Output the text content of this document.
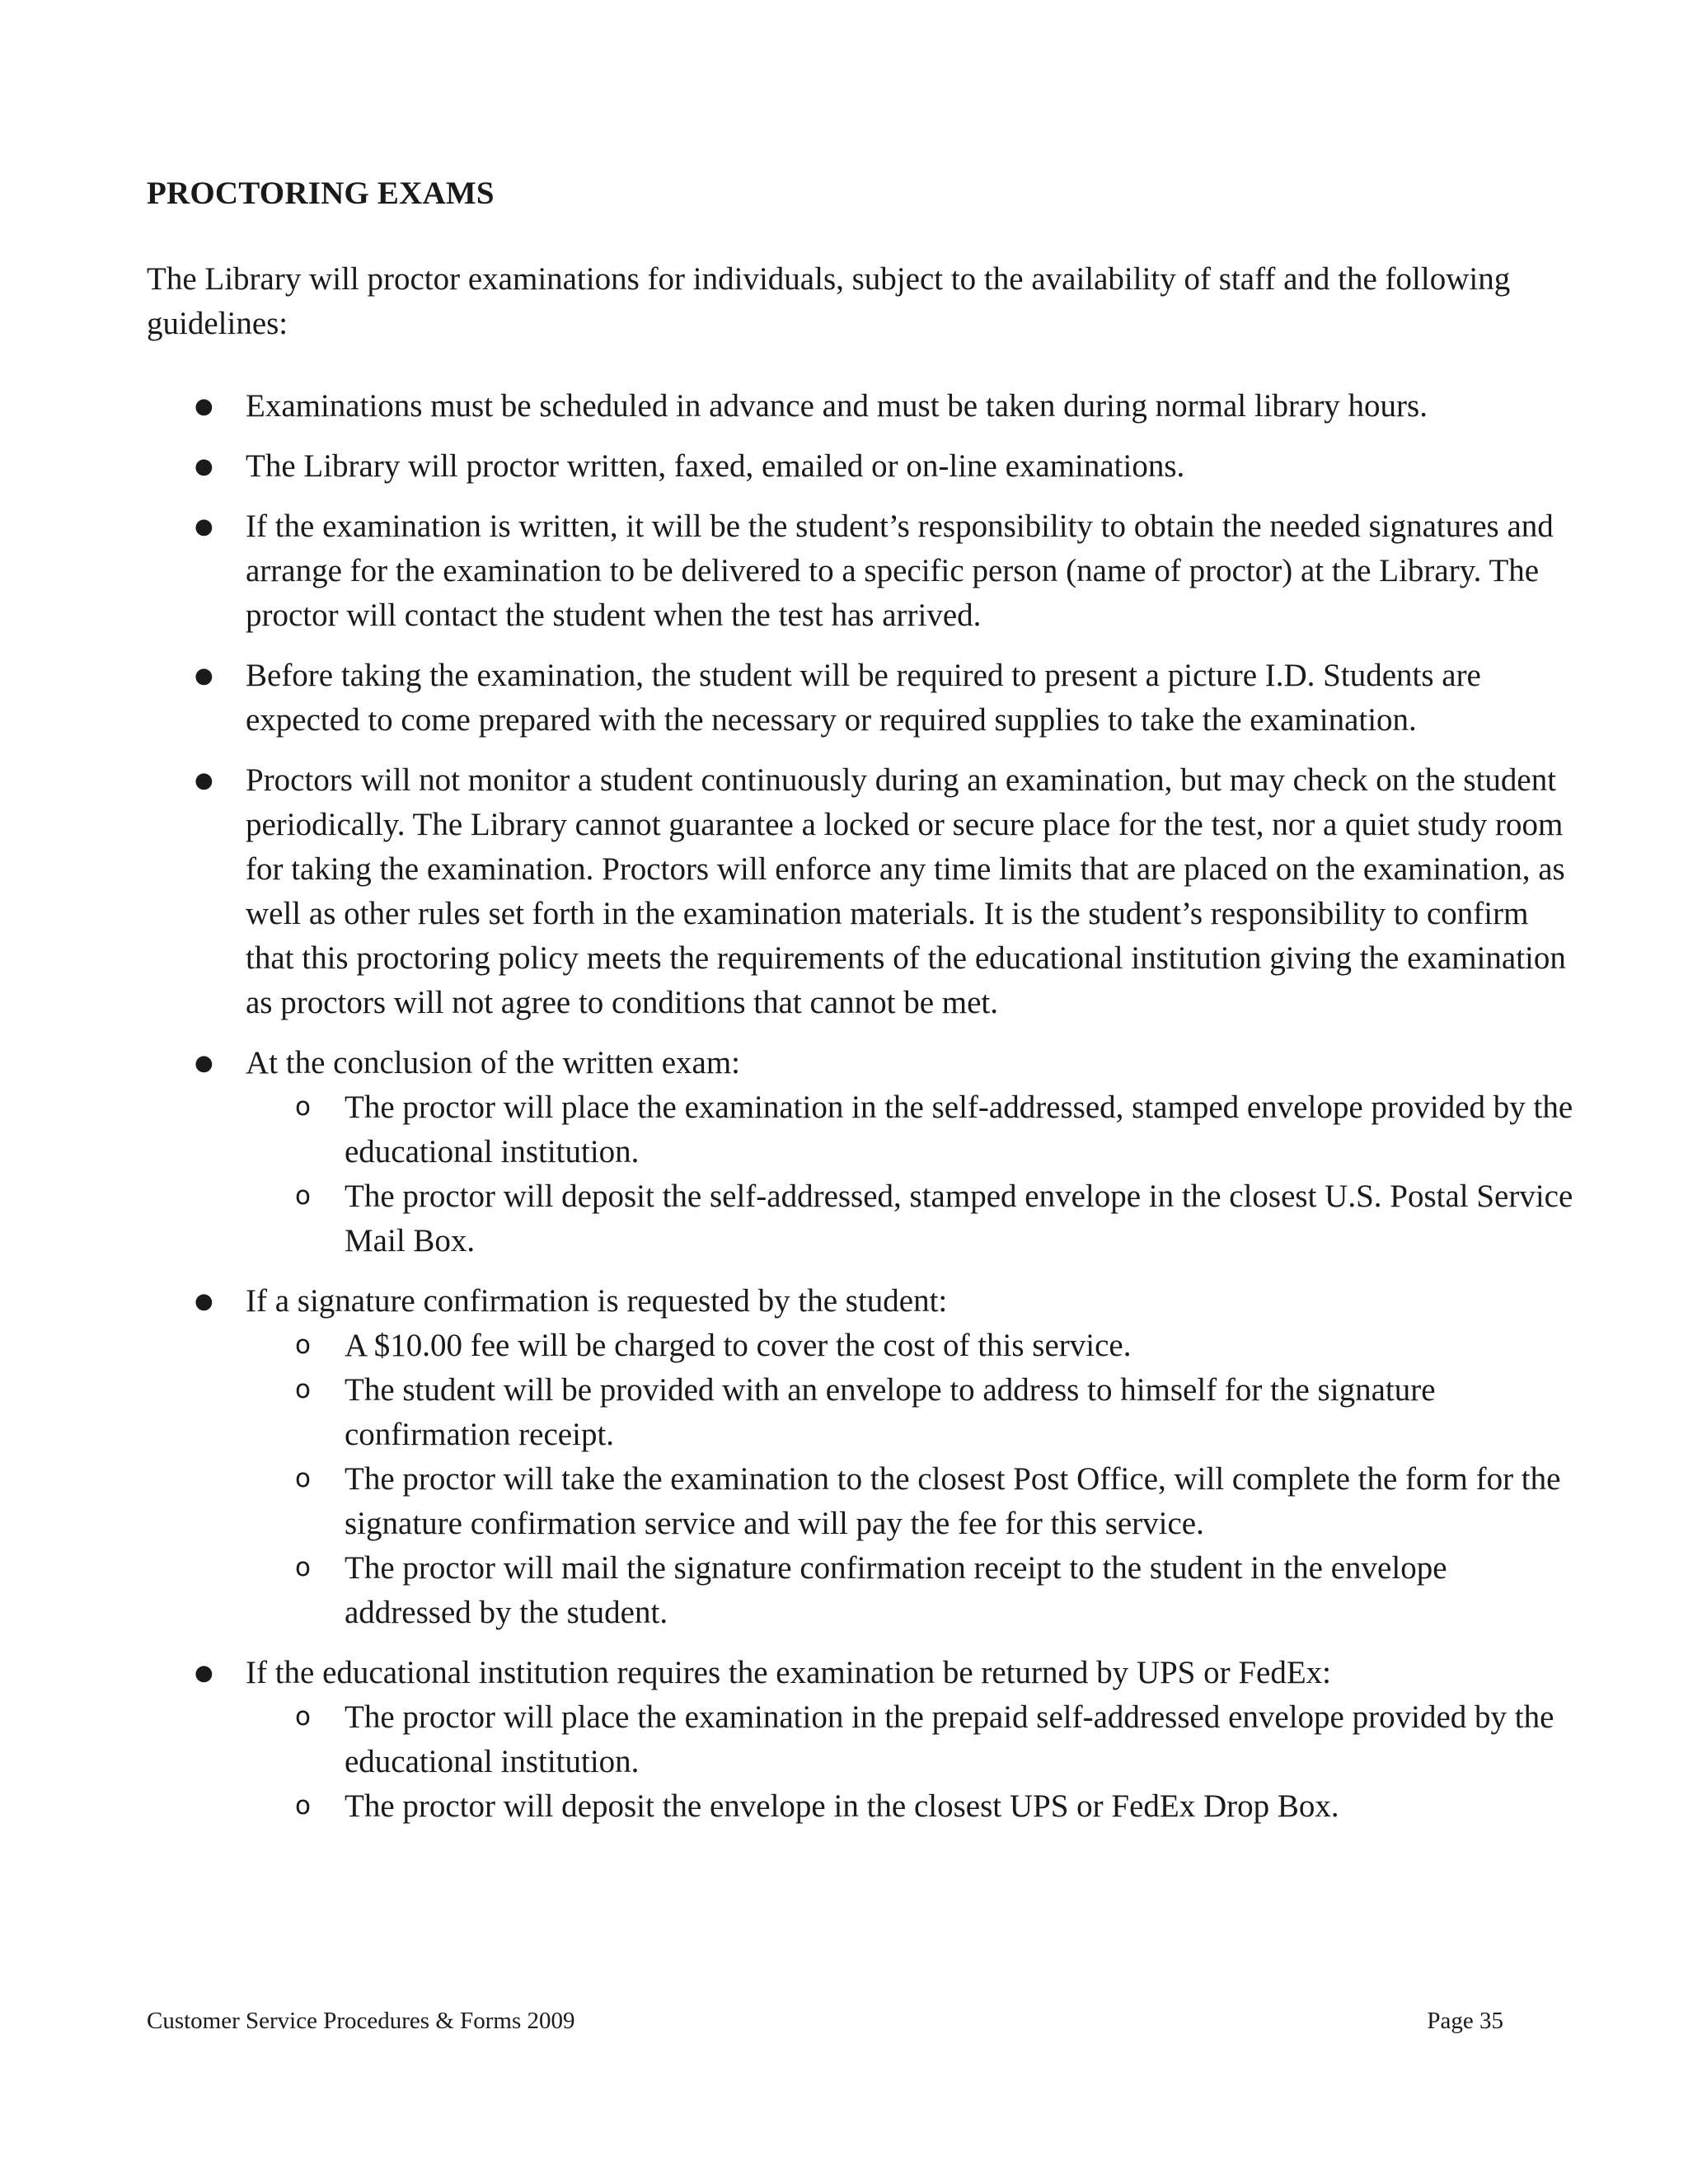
PROCTORING EXAMS

The Library will proctor examinations for individuals, subject to the availability of staff and the following guidelines:

● Examinations must be scheduled in advance and must be taken during normal library hours.
● The Library will proctor written, faxed, emailed or on-line examinations.
● If the examination is written, it will be the student’s responsibility to obtain the needed signatures and arrange for the examination to be delivered to a specific person (name of proctor) at the Library. The proctor will contact the student when the test has arrived.
● Before taking the examination, the student will be required to present a picture I.D. Students are expected to come prepared with the necessary or required supplies to take the examination.
● Proctors will not monitor a student continuously during an examination, but may check on the student periodically. The Library cannot guarantee a locked or secure place for the test, nor a quiet study room for taking the examination. Proctors will enforce any time limits that are placed on the examination, as well as other rules set forth in the examination materials. It is the student’s responsibility to confirm that this proctoring policy meets the requirements of the educational institution giving the examination as proctors will not agree to conditions that cannot be met.
● At the conclusion of the written exam:
o The proctor will place the examination in the self-addressed, stamped envelope provided by the educational institution.
o The proctor will deposit the self-addressed, stamped envelope in the closest U.S. Postal Service Mail Box.
● If a signature confirmation is requested by the student:
o A $10.00 fee will be charged to cover the cost of this service.
o The student will be provided with an envelope to address to himself for the signature confirmation receipt.
o The proctor will take the examination to the closest Post Office, will complete the form for the signature confirmation service and will pay the fee for this service.
o The proctor will mail the signature confirmation receipt to the student in the envelope addressed by the student.
● If the educational institution requires the examination be returned by UPS or FedEx:
o The proctor will place the examination in the prepaid self-addressed envelope provided by the educational institution.
o The proctor will deposit the envelope in the closest UPS or FedEx Drop Box.
Customer Service Procedures & Forms 2009	Page 35
